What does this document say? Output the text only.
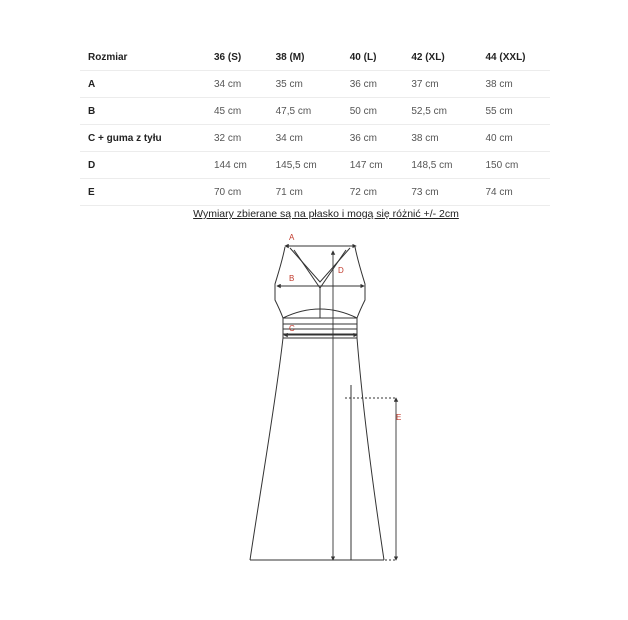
Rozmiar	36 (S)	38 (M)	40 (L)	42 (XL)	44 (XXL)
A	34 cm	35 cm	36 cm	37 cm	38 cm
B	45 cm	47,5 cm	50 cm	52,5 cm	55 cm
C + guma z tyłu	32 cm	34 cm	36 cm	38 cm	40 cm
D	144 cm	145,5 cm	147 cm	148,5 cm	150 cm
E	70 cm	71 cm	72 cm	73 cm	74 cm
Wymiary zbierane są na płasko i mogą się różnić +/- 2cm
A
B
C
D
E
